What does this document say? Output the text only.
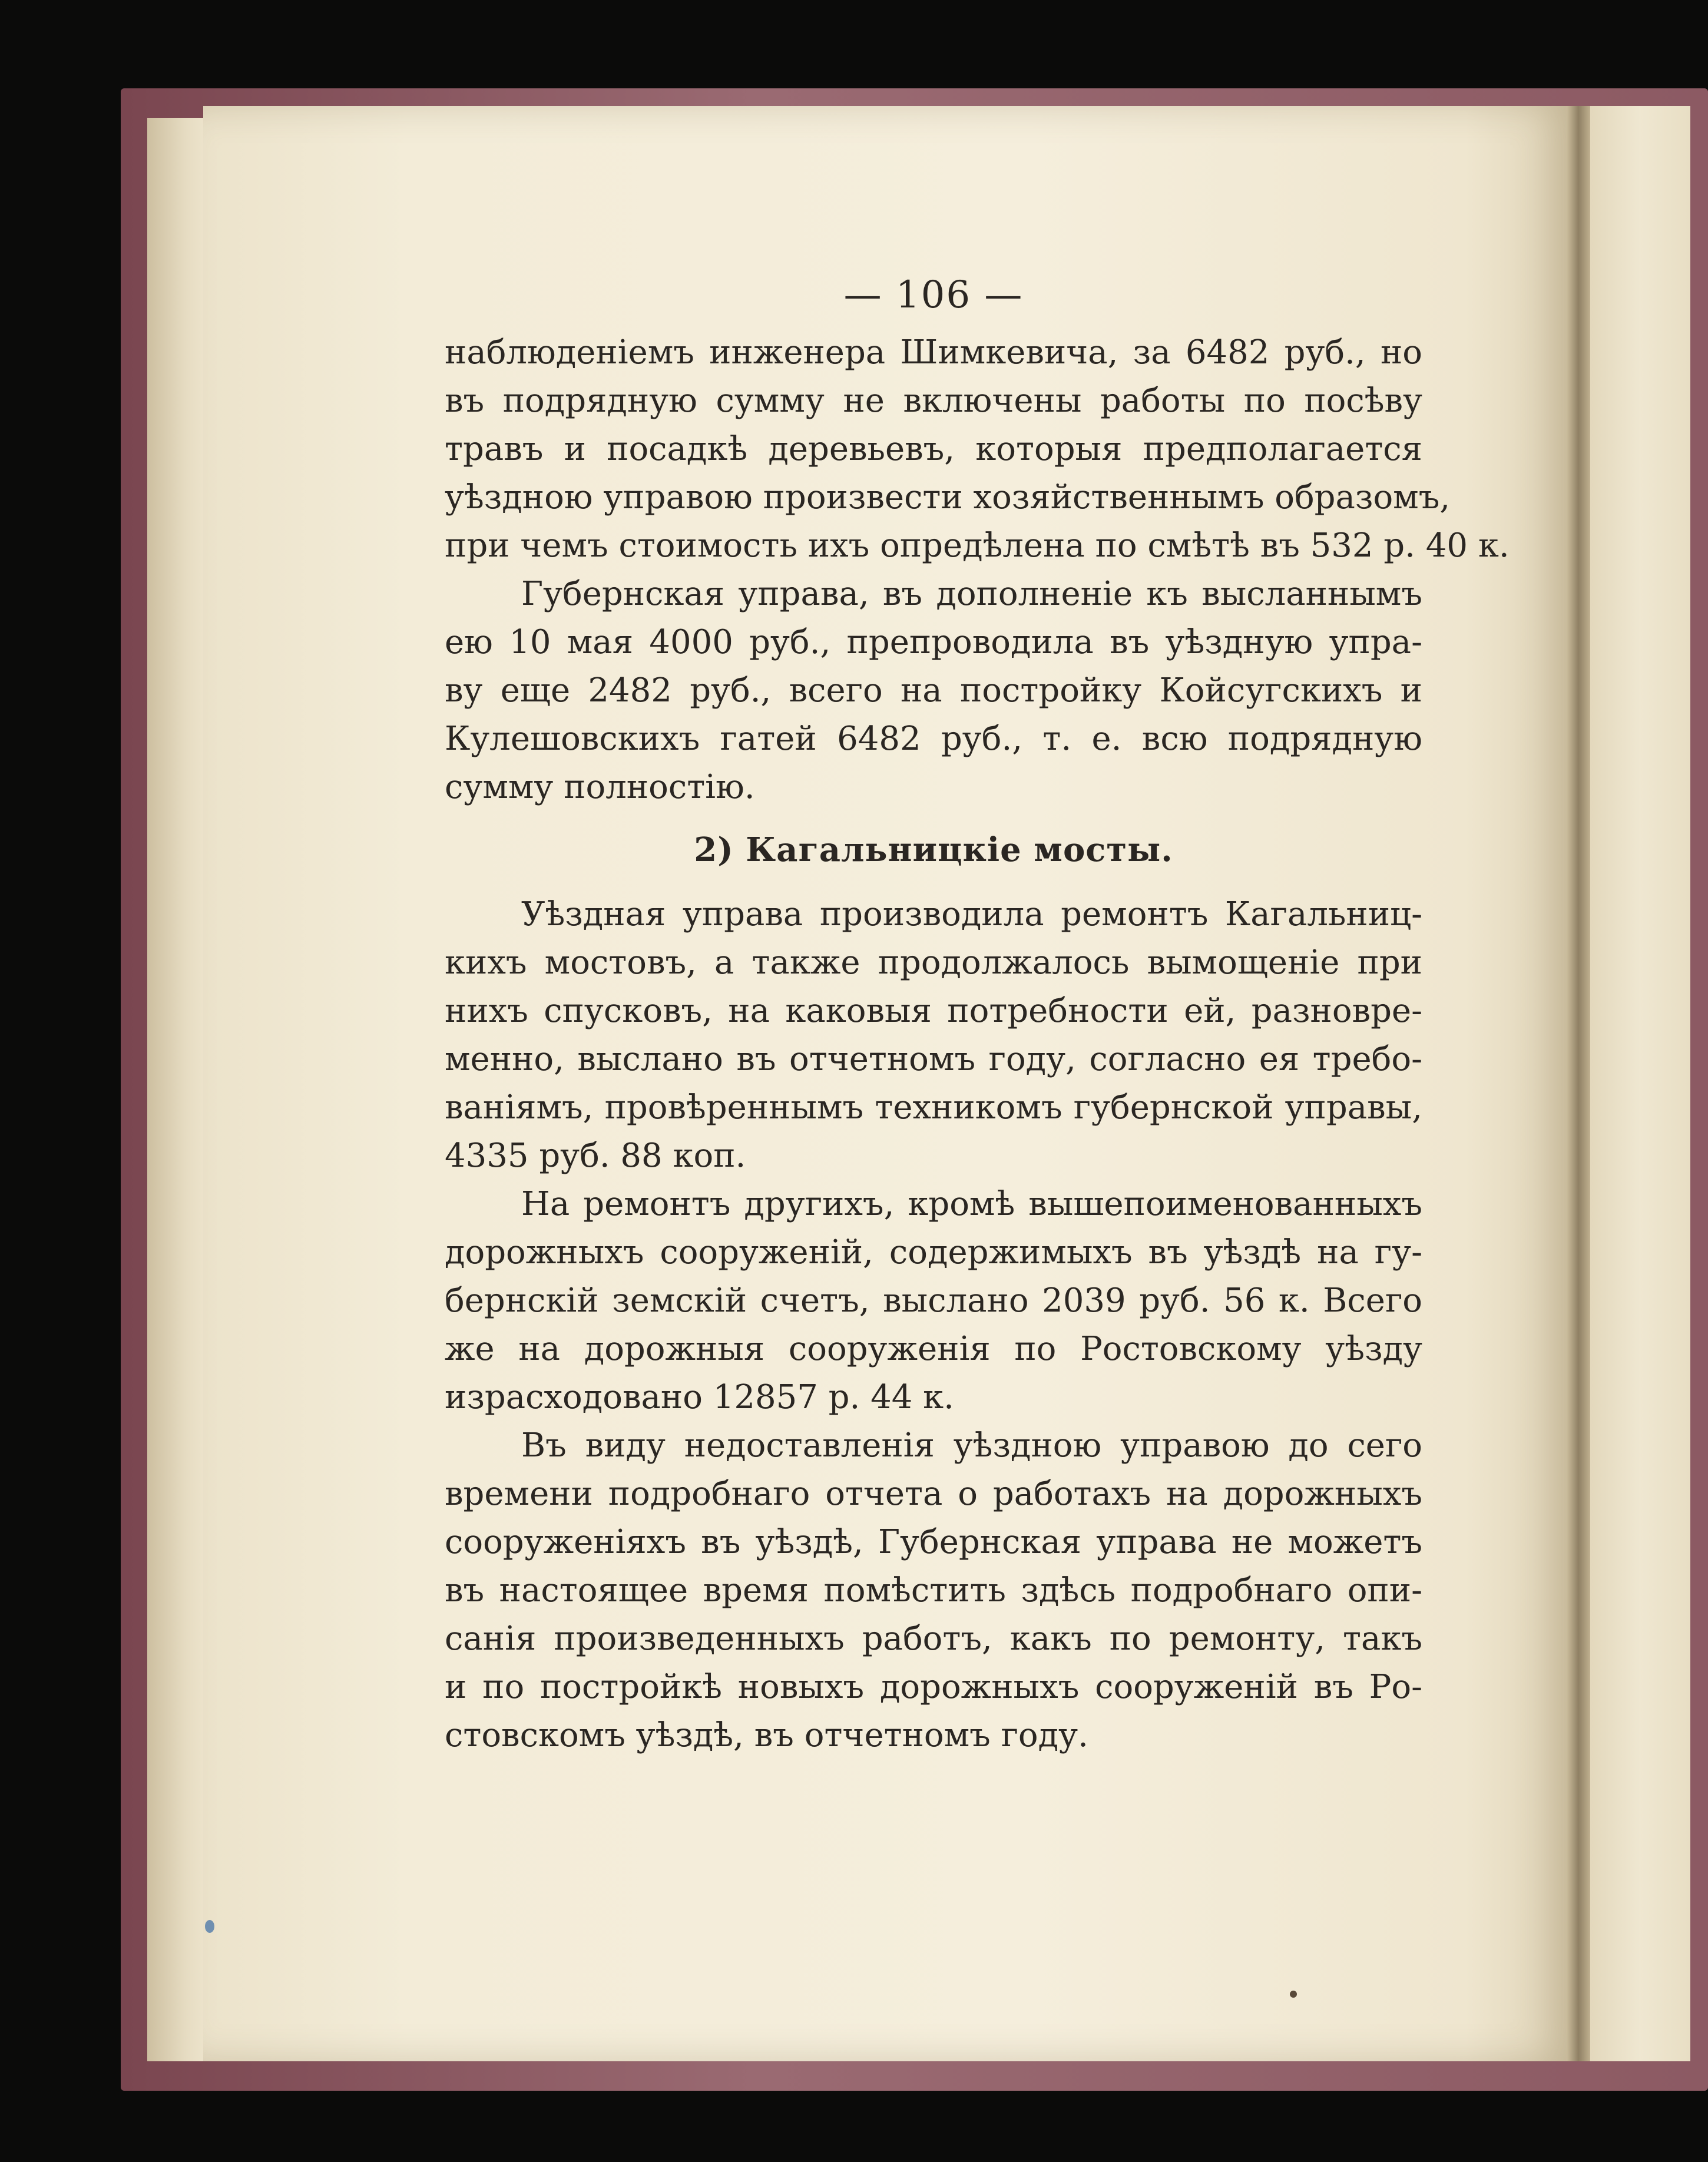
— 106 —

наблюденіемъ инженера Шимкевича, за 6482 руб., но
въ подрядную сумму не включены работы по посѣву
травъ и посадкѣ деревьевъ, которыя предполагается
уѣздною управою произвести хозяйственнымъ образомъ,
при чемъ стоимость ихъ опредѣлена по смѣтѣ въ 532 р. 40 к.

Губернская управа, въ дополненіе къ высланнымъ
ею 10 мая 4000 руб., препроводила въ уѣздную упра-
ву еще 2482 руб., всего на постройку Койсугскихъ и
Кулешовскихъ гатей 6482 руб., т. е. всю подрядную
сумму полностію.

2) Кагальницкіе мосты.

Уѣздная управа производила ремонтъ Кагальниц-
кихъ мостовъ, а также продолжалось вымощеніе при
нихъ спусковъ, на каковыя потребности ей, разновре-
менно, выслано въ отчетномъ году, согласно ея требо-
ваніямъ, провѣреннымъ техникомъ губернской управы,
4335 руб. 88 коп.

На ремонтъ другихъ, кромѣ вышепоименованныхъ
дорожныхъ сооруженій, содержимыхъ въ уѣздѣ на гу-
бернскій земскій счетъ, выслано 2039 руб. 56 к. Всего
же на дорожныя сооруженія по Ростовскому уѣзду
израсходовано 12857 р. 44 к.

Въ виду недоставленія уѣздною управою до сего
времени подробнаго отчета о работахъ на дорожныхъ
сооруженіяхъ въ уѣздѣ, Губернская управа не можетъ
въ настоящее время помѣстить здѣсь подробнаго опи-
санія произведенныхъ работъ, какъ по ремонту, такъ
и по постройкѣ новыхъ дорожныхъ сооруженій въ Ро-
стовскомъ уѣздѣ, въ отчетномъ году.
